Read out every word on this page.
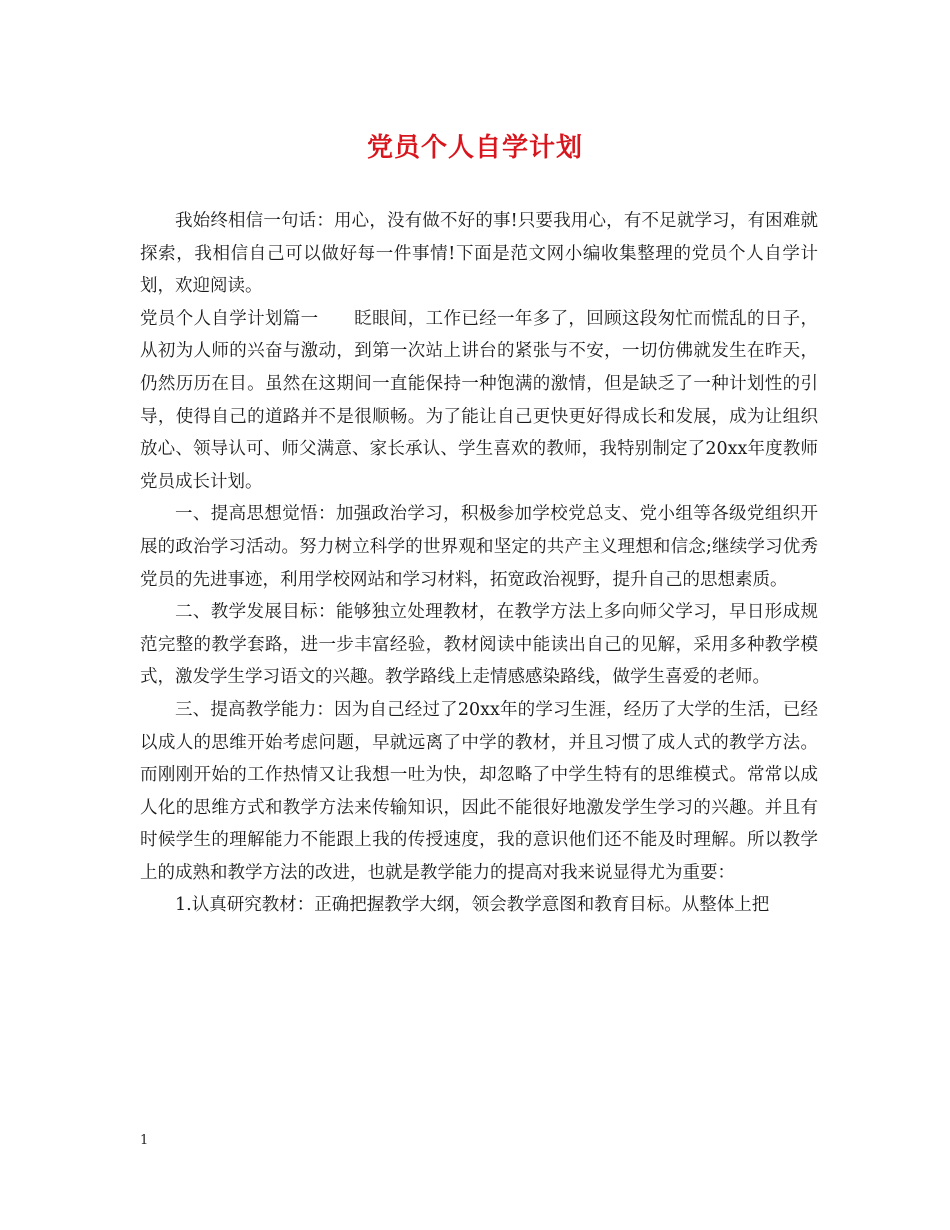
党员个人自学计划

我始终相信一句话：用心，没有做不好的事!只要我用心，有不足就学习，有困难就探索，我相信自己可以做好每一件事情!下面是范文网小编收集整理的党员个人自学计划，欢迎阅读。

党员个人自学计划篇一　　眨眼间，工作已经一年多了，回顾这段匆忙而慌乱的日子，从初为人师的兴奋与激动，到第一次站上讲台的紧张与不安，一切仿佛就发生在昨天，仍然历历在目。虽然在这期间一直能保持一种饱满的激情，但是缺乏了一种计划性的引导，使得自己的道路并不是很顺畅。为了能让自己更快更好得成长和发展，成为让组织放心、领导认可、师父满意、家长承认、学生喜欢的教师，我特别制定了20xx年度教师党员成长计划。

一、提高思想觉悟：加强政治学习，积极参加学校党总支、党小组等各级党组织开展的政治学习活动。努力树立科学的世界观和坚定的共产主义理想和信念;继续学习优秀党员的先进事迹，利用学校网站和学习材料，拓宽政治视野，提升自己的思想素质。

二、教学发展目标：能够独立处理教材，在教学方法上多向师父学习，早日形成规范完整的教学套路，进一步丰富经验，教材阅读中能读出自己的见解，采用多种教学模式，激发学生学习语文的兴趣。教学路线上走情感感染路线，做学生喜爱的老师。

三、提高教学能力：因为自己经过了20xx年的学习生涯，经历了大学的生活，已经以成人的思维开始考虑问题，早就远离了中学的教材，并且习惯了成人式的教学方法。而刚刚开始的工作热情又让我想一吐为快，却忽略了中学生特有的思维模式。常常以成人化的思维方式和教学方法来传输知识，因此不能很好地激发学生学习的兴趣。并且有时候学生的理解能力不能跟上我的传授速度，我的意识他们还不能及时理解。所以教学上的成熟和教学方法的改进，也就是教学能力的提高对我来说显得尤为重要：

1.认真研究教材：正确把握教学大纲，领会教学意图和教育目标。从整体上把

1
